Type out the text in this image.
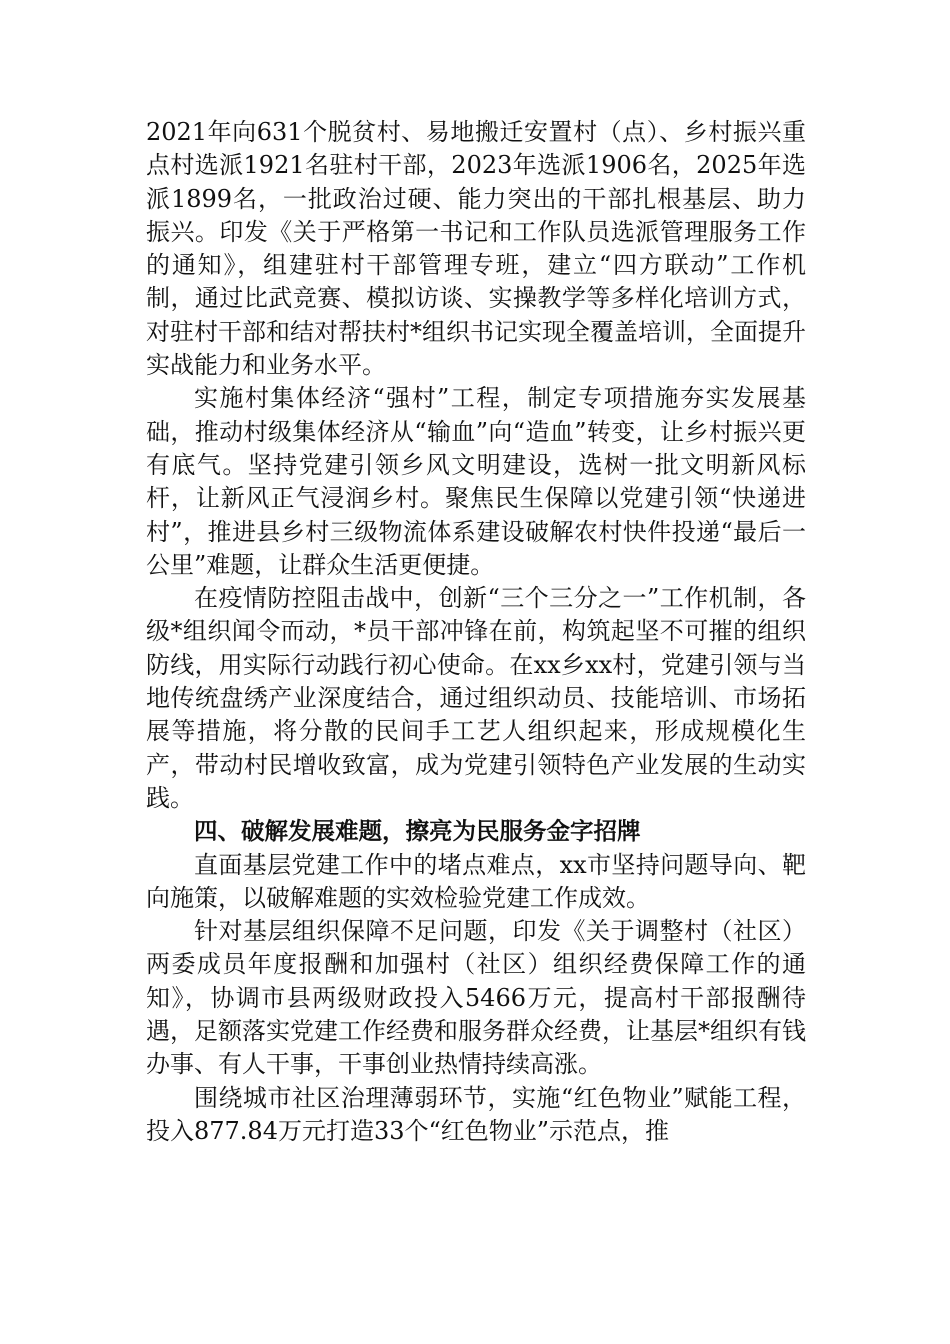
2021年向631个脱贫村、易地搬迁安置村（点）、乡村振兴重点村选派1921名驻村干部，2023年选派1906名，2025年选派1899名，一批政治过硬、能力突出的干部扎根基层、助力振兴。印发《关于严格第一书记和工作队员选派管理服务工作的通知》，组建驻村干部管理专班，建立“四方联动”工作机制，通过比武竞赛、模拟访谈、实操教学等多样化培训方式，对驻村干部和结对帮扶村*组织书记实现全覆盖培训，全面提升实战能力和业务水平。

实施村集体经济“强村”工程，制定专项措施夯实发展基础，推动村级集体经济从“输血”向“造血”转变，让乡村振兴更有底气。坚持党建引领乡风文明建设，选树一批文明新风标杆，让新风正气浸润乡村。聚焦民生保障以党建引领“快递进村”，推进县乡村三级物流体系建设破解农村快件投递“最后一公里”难题，让群众生活更便捷。

在疫情防控阻击战中，创新“三个三分之一”工作机制，各级*组织闻令而动，*员干部冲锋在前，构筑起坚不可摧的组织防线，用实际行动践行初心使命。在xx乡xx村，党建引领与当地传统盘绣产业深度结合，通过组织动员、技能培训、市场拓展等措施，将分散的民间手工艺人组织起来，形成规模化生产，带动村民增收致富，成为党建引领特色产业发展的生动实践。

四、破解发展难题，擦亮为民服务金字招牌

直面基层党建工作中的堵点难点，xx市坚持问题导向、靶向施策，以破解难题的实效检验党建工作成效。

针对基层组织保障不足问题，印发《关于调整村（社区）两委成员年度报酬和加强村（社区）组织经费保障工作的通知》，协调市县两级财政投入5466万元，提高村干部报酬待遇，足额落实党建工作经费和服务群众经费，让基层*组织有钱办事、有人干事，干事创业热情持续高涨。

围绕城市社区治理薄弱环节，实施“红色物业”赋能工程，投入877.84万元打造33个“红色物业”示范点，推
